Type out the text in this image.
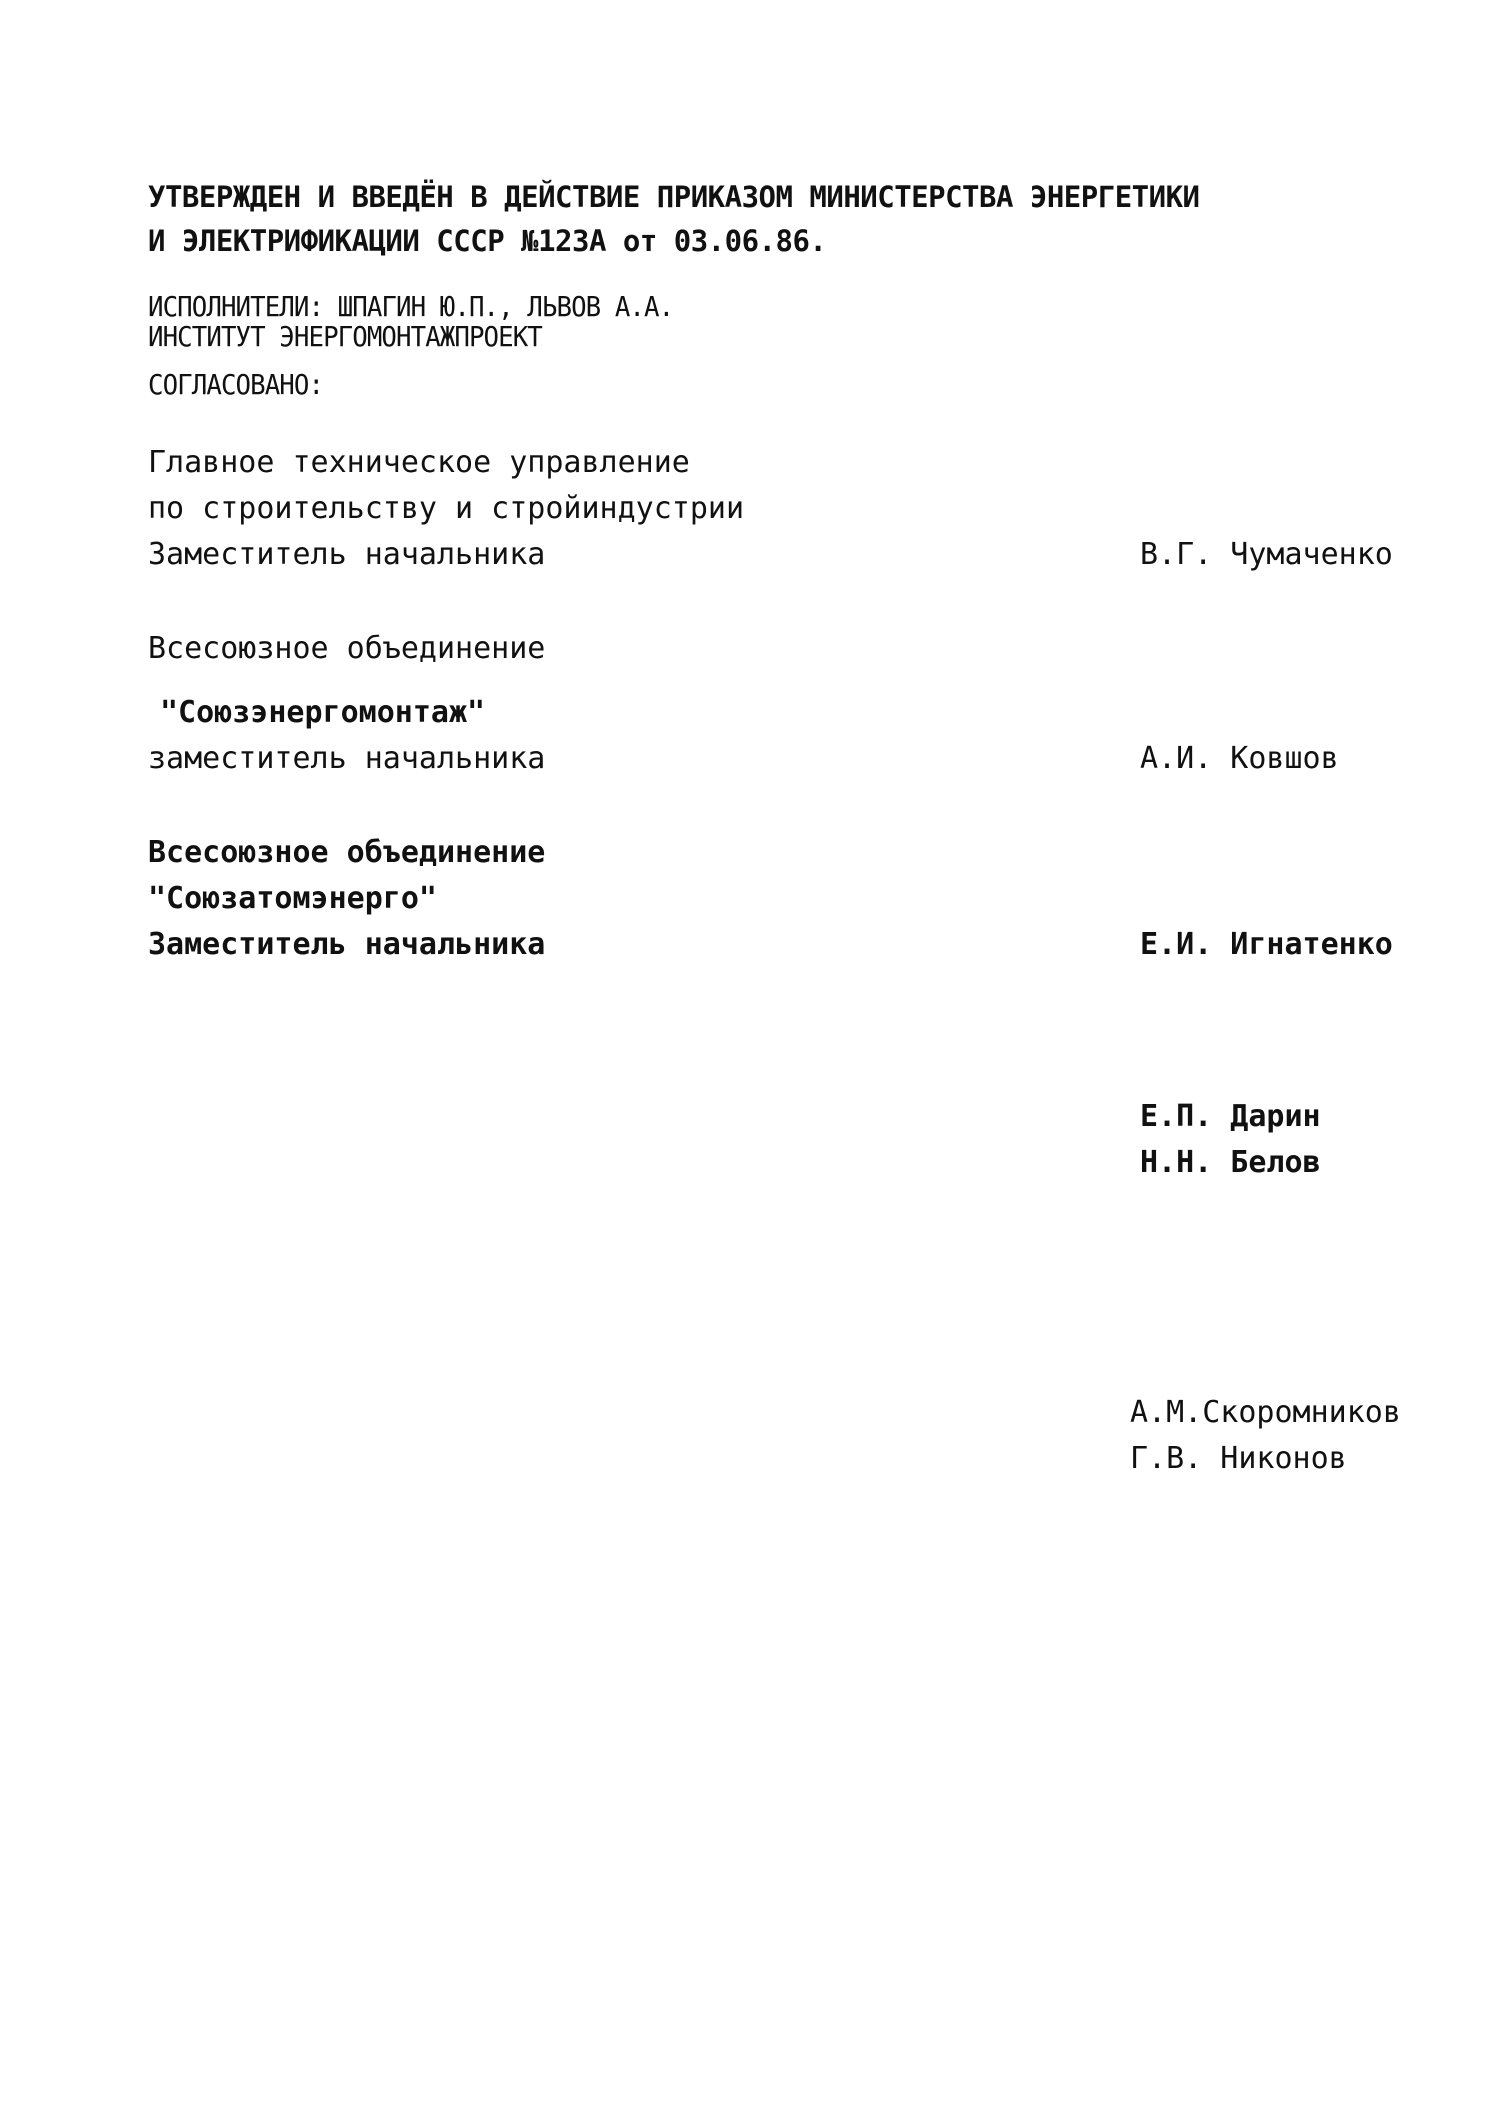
УТВЕРЖДЕН И ВВЕДЁН В ДЕЙСТВИЕ ПРИКАЗОМ МИНИСТЕРСТВА ЭНЕРГЕТИКИ
И ЭЛЕКТРИФИКАЦИИ СССР №123А от 03.06.86.
ИСПОЛНИТЕЛИ: ШПАГИН Ю.П., ЛЬВОВ А.А.
ИНСТИТУТ ЭНЕРГОМОНТАЖПРОЕКТ
СОГЛАСОВАНО:
Главное техническое управление
по строительству и стройиндустрии
Заместитель начальника	В.Г. Чумаченко
Всесоюзное объединение
"Союзэнергомонтаж"
заместитель начальника	А.И. Ковшов
Всесоюзное объединение
"Союзатомэнерго"
Заместитель начальника	Е.И. Игнатенко
Е.П. Дарин
Н.Н. Белов
А.М.Скоромников
Г.В. Никонов
